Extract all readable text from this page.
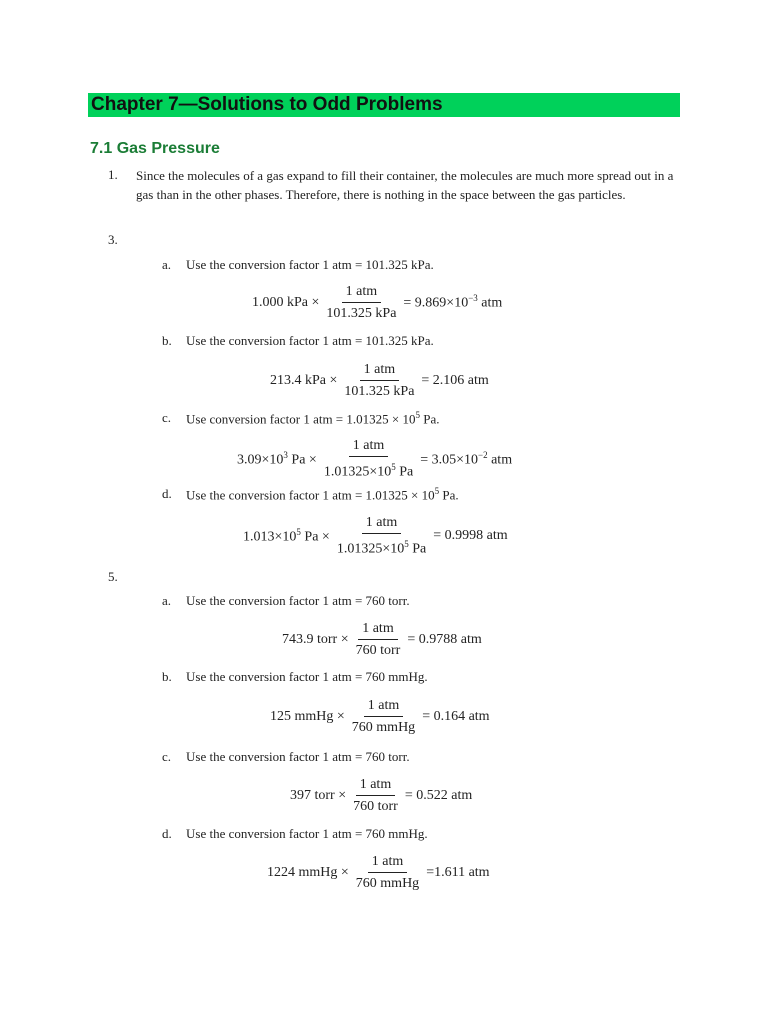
Chapter 7—Solutions to Odd Problems
7.1 Gas Pressure
1. Since the molecules of a gas expand to fill their container, the molecules are much more spread out in a gas than in the other phases. Therefore, there is nothing in the space between the gas particles.
3.
a. Use the conversion factor 1 atm = 101.325 kPa.
1.000 kPa × $\frac{\text{1 atm}}{\text{101.325 kPa}} = 9.869\times 10^{-3}$ atm
b. Use the conversion factor 1 atm = 101.325 kPa.
213.4 kPa × $\frac{\text{1 atm}}{\text{101.325 kPa}} = 2.106$ atm
c. Use conversion factor 1 atm = $1.01325 \times 10^5$ Pa.
$3.09\times 10^3$ $Pa \times \frac{\text{1 atm}}{1.01325\times 10^5 Pa} = 3.05\times 10^{-2}$ atm
d. Use the conversion factor 1 atm = $1.01325 \times 10^5$ Pa.
$1.013\times 10^5$ $Pa \times \frac{\text{1 atm}}{1.01325\times 10^5 Pa} = 0.9998$ atm
5.
a. Use the conversion factor 1 atm = 760 torr.
743.9 torr × $\frac{\text{1 atm}}{\text{760 torr}} = 0.9788$ atm
b. Use the conversion factor 1 atm = 760 mmHg.
125 mmHg × $\frac{\text{1 atm}}{\text{760 mmHg}} = 0.164$ atm
c. Use the conversion factor 1 atm = 760 torr.
397 torr × $\frac{\text{1 atm}}{\text{760 torr}} = 0.522$ atm
d. Use the conversion factor 1 atm = 760 mmHg.
1224 mmHg × $\frac{\text{1 atm}}{\text{760 mmHg}} =1.611$ atm
